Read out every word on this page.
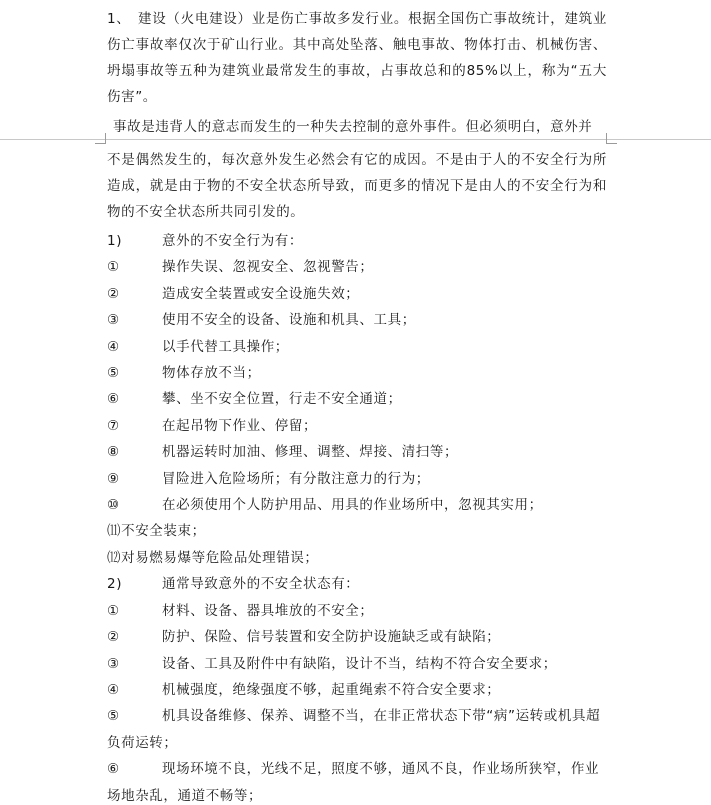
1、　建设（火电建设）业是伤亡事故多发行业。根据全国伤亡事故统计，建筑业伤亡事故率仅次于矿山行业。其中高处坠落、触电事故、物体打击、机械伤害、坍塌事故等五种为建筑业最常发生的事故，占事故总和的85%以上，称为“五大伤害”。

事故是违背人的意志而发生的一种失去控制的意外事件。但必须明白，意外并

不是偶然发生的，每次意外发生必然会有它的成因。不是由于人的不安全行为所造成，就是由于物的不安全状态所导致，而更多的情况下是由人的不安全行为和物的不安全状态所共同引发的。

1)	意外的不安全行为有：
①	操作失误、忽视安全、忽视警告；
②	造成安全装置或安全设施失效；
③	使用不安全的设备、设施和机具、工具；
④	以手代替工具操作；
⑤	物体存放不当；
⑥	攀、坐不安全位置，行走不安全通道；
⑦	在起吊物下作业、停留；
⑧	机器运转时加油、修理、调整、焊接、清扫等；
⑨	冒险进入危险场所；有分散注意力的行为；
⑩	在必须使用个人防护用品、用具的作业场所中，忽视其实用；
⑾ 不安全装束；
⑿ 对易燃易爆等危险品处理错误；
2)	通常导致意外的不安全状态有：
①	材料、设备、器具堆放的不安全；
②	防护、保险、信号装置和安全防护设施缺乏或有缺陷；
③	设备、工具及附件中有缺陷，设计不当，结构不符合安全要求；
④	机械强度，绝缘强度不够，起重绳索不符合安全要求；
⑤	机具设备维修、保养、调整不当，在非正常状态下带“病”运转或机具超负荷运转；
⑥	现场环境不良，光线不足，照度不够，通风不良，作业场所狭窄，作业场地杂乱，通道不畅等；
